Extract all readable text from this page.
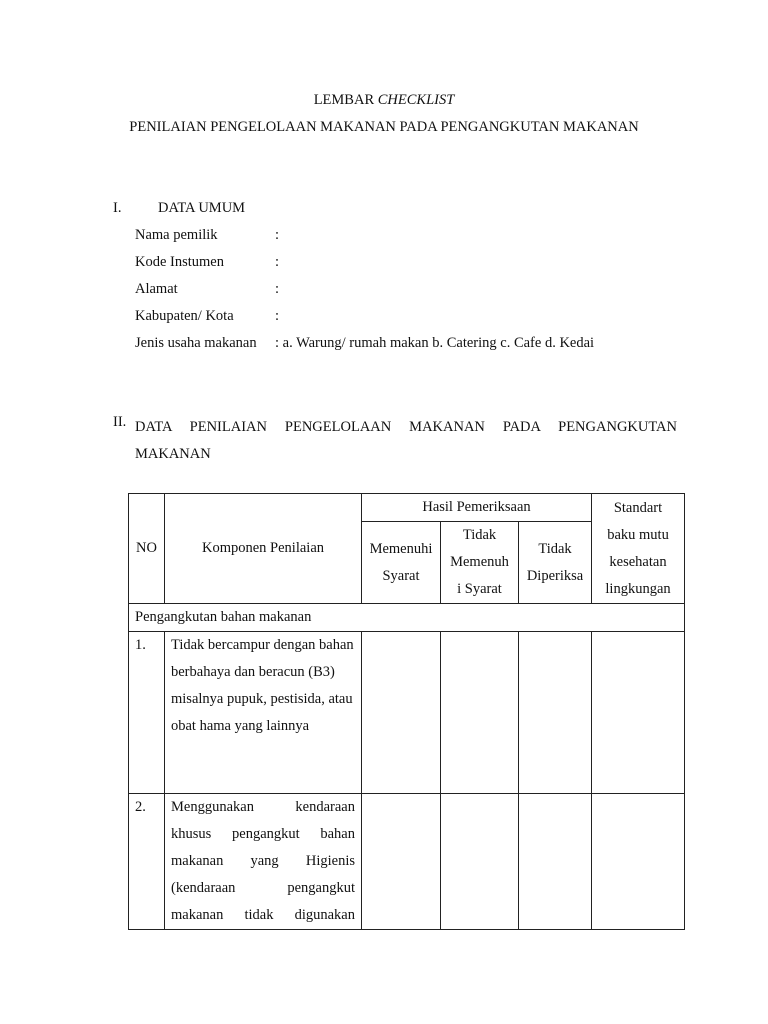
LEMBAR CHECKLIST
PENILAIAN PENGELOLAAN MAKANAN PADA PENGANGKUTAN MAKANAN
I.	DATA UMUM
Nama pemilik	:
Kode Instumen	:
Alamat	:
Kabupaten/ Kota	:
Jenis usaha makanan : a. Warung/ rumah makan b. Catering c. Cafe d. Kedai
II. DATA PENILAIAN PENGELOLAAN MAKANAN PADA PENGANGKUTAN MAKANAN
NO	Komponen Penilaian	Hasil Pemeriksaan			Standart baku mutu kesehatan lingkungan
		Memenuhi Syarat	Tidak Memenuh i Syarat	Tidak Diperiksa	
Pengangkutan bahan makanan					
1.	Tidak bercampur dengan bahan berbahaya dan beracun (B3) misalnya pupuk, pestisida, atau obat hama yang lainnya				
2.	Menggunakan kendaraan
khusus pengangkut bahan
makanan yang Higienis
(kendaraan pengangkut
makanan tidak digunakan				
